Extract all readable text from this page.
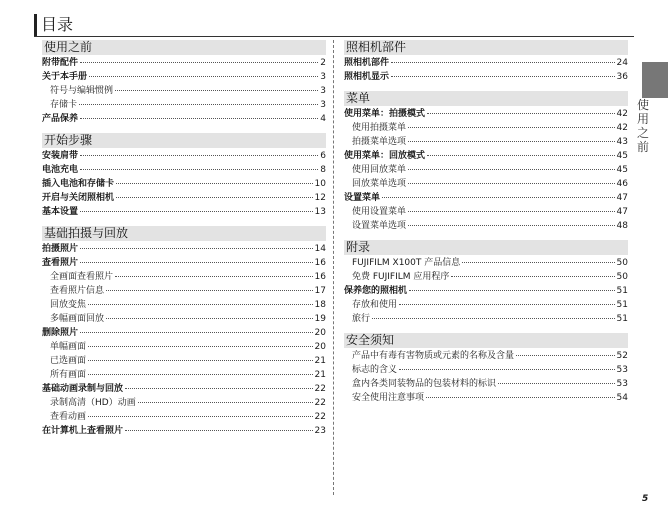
目录
使用之前
附带配件	2
关于本手册	3
符号与编辑惯例	3
存储卡	3
产品保养	4
开始步骤
安装肩带	6
电池充电	8
插入电池和存储卡	10
开启与关闭照相机	12
基本设置	13
基础拍摄与回放
拍摄照片	14
查看照片	16
全画面查看照片	16
查看照片信息	17
回放变焦	18
多幅画面回放	19
删除照片	20
单幅画面	20
已选画面	21
所有画面	21
基础动画录制与回放	22
录制高清（HD）动画	22
查看动画	22
在计算机上查看照片	23
照相机部件
照相机部件	24
照相机显示	36
菜单
使用菜单：拍摄模式	42
使用拍摄菜单	42
拍摄菜单选项	43
使用菜单：回放模式	45
使用回放菜单	45
回放菜单选项	46
设置菜单	47
使用设置菜单	47
设置菜单选项	48
附录
FUJIFILM X100T 产品信息	50
免费 FUJIFILM 应用程序	50
保养您的照相机	51
存放和使用	51
旅行	51
安全须知
产品中有毒有害物质或元素的名称及含量	52
标志的含义	53
盒内各类同装物品的包装材料的标识	53
安全使用注意事项	54
使
用
之
前
5
